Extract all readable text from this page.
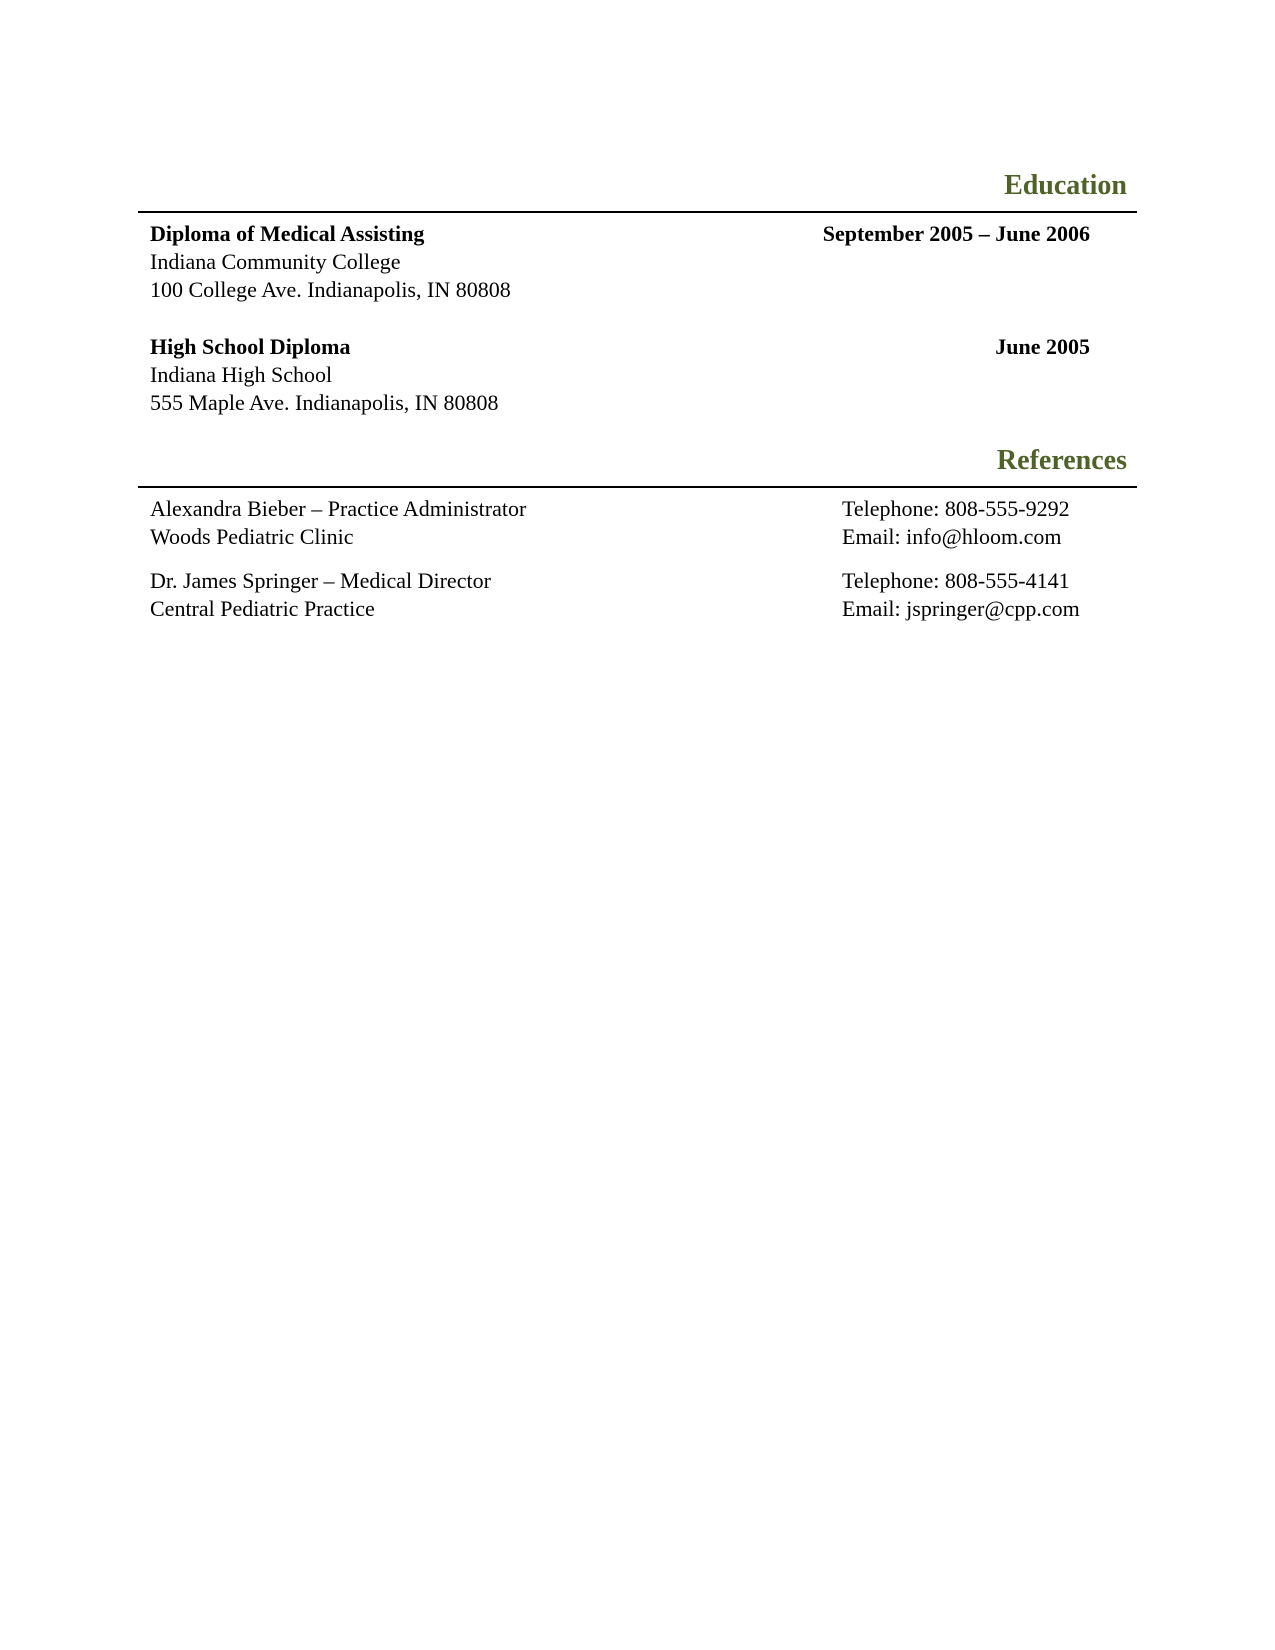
Education
Diploma of Medical Assisting	September 2005 – June 2006
Indiana Community College
100 College Ave. Indianapolis, IN 80808
High School Diploma	June 2005
Indiana High School
555 Maple Ave. Indianapolis, IN 80808
References
Alexandra Bieber – Practice Administrator
Woods Pediatric Clinic
Telephone: 808-555-9292
Email: info@hloom.com
Dr. James Springer – Medical Director
Central Pediatric Practice
Telephone: 808-555-4141
Email: jspringer@cpp.com
